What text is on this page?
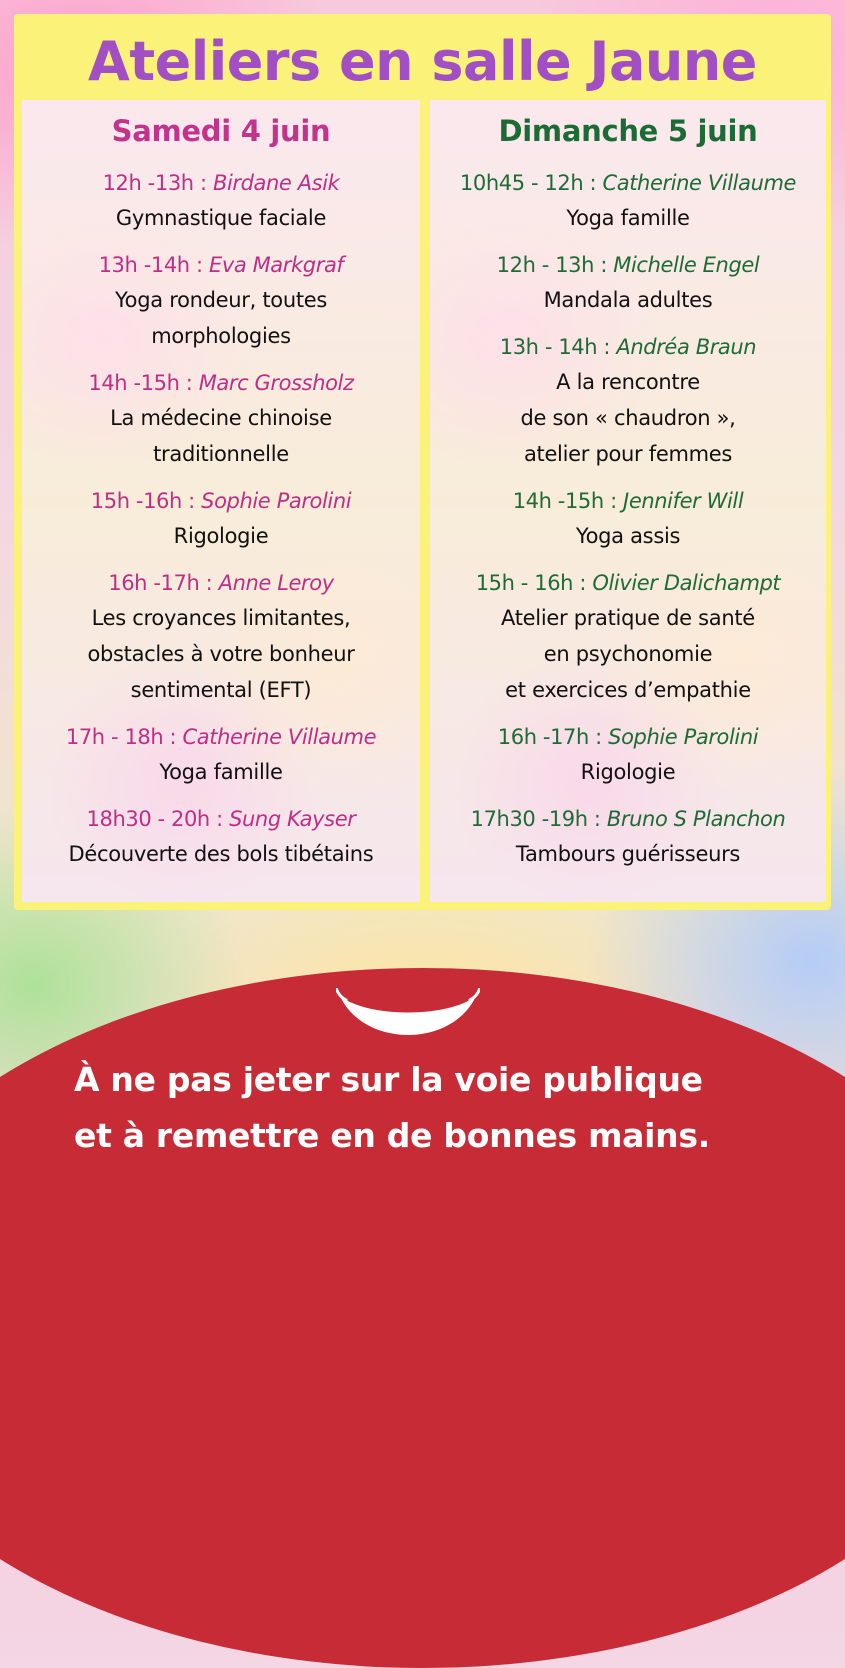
Ateliers en salle Jaune
Samedi 4 juin
12h -13h : Birdane Asik
Gymnastique faciale
13h -14h : Eva Markgraf
Yoga rondeur, toutes
morphologies
14h -15h : Marc Grossholz
La médecine chinoise
traditionnelle
15h -16h : Sophie Parolini
Rigologie
16h -17h : Anne Leroy
Les croyances limitantes,
obstacles à votre bonheur
sentimental (EFT)
17h - 18h : Catherine Villaume
Yoga famille
18h30 - 20h : Sung Kayser
Découverte des bols tibétains
Dimanche 5 juin
10h45 - 12h : Catherine Villaume
Yoga famille
12h - 13h : Michelle Engel
Mandala adultes
13h - 14h : Andréa Braun
A la rencontre
de son « chaudron »,
atelier pour femmes
14h -15h : Jennifer Will
Yoga assis
15h - 16h : Olivier Dalichampt
Atelier pratique de santé
en psychonomie
et exercices d’empathie
16h -17h : Sophie Parolini
Rigologie
17h30 -19h : Bruno S Planchon
Tambours guérisseurs
À ne pas jeter sur la voie publique
et à remettre en de bonnes mains.
